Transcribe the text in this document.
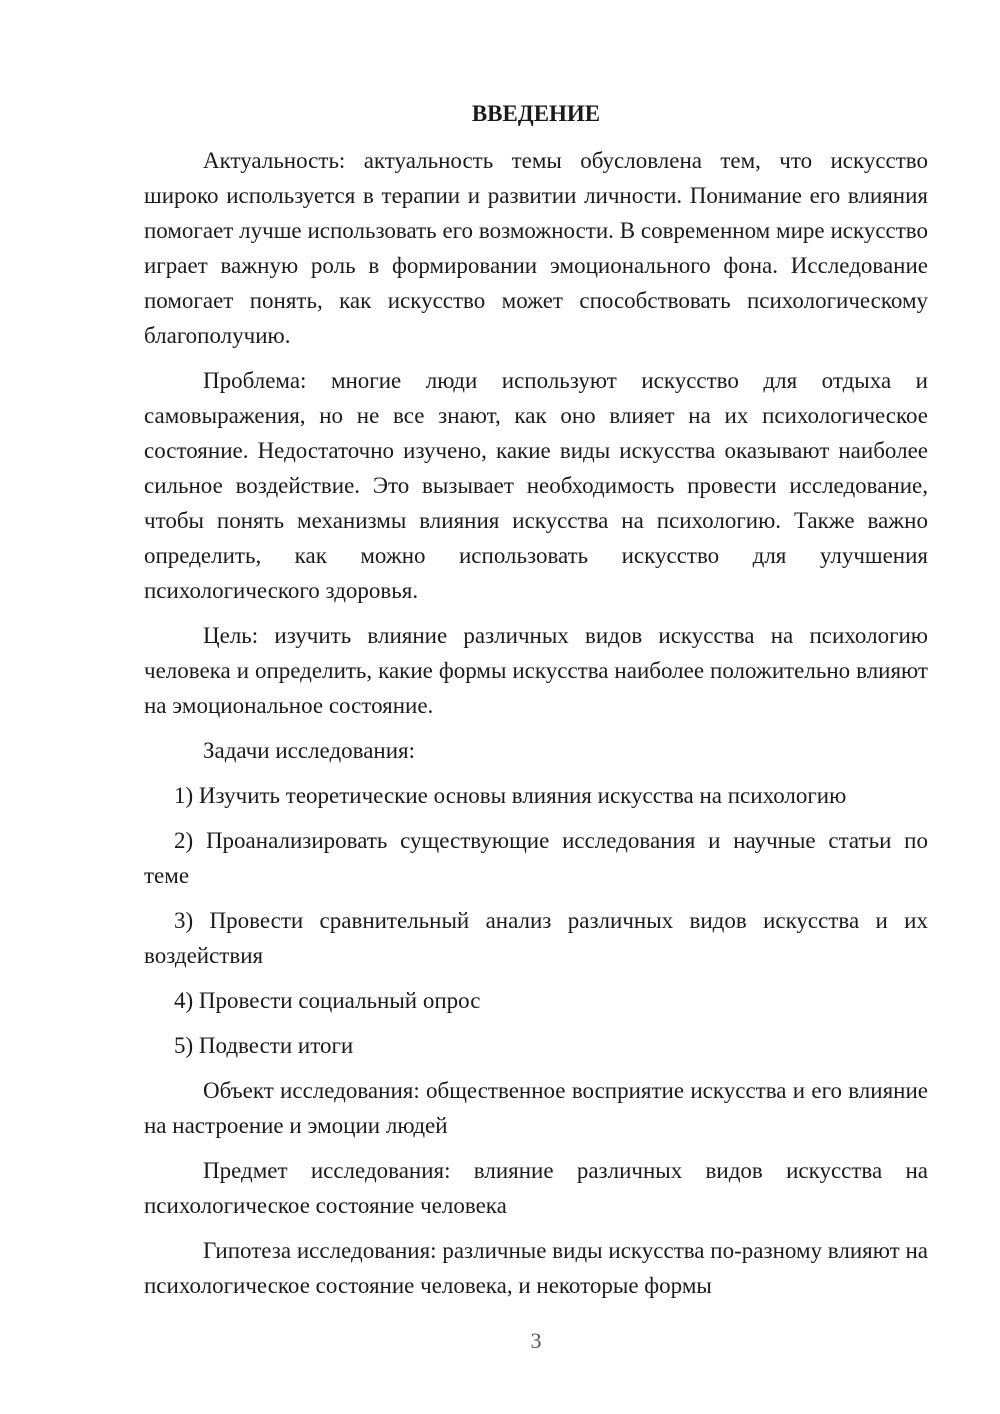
ВВЕДЕНИЕ

Актуальность: актуальность темы обусловлена тем, что искусство широко используется в терапии и развитии личности. Понимание его влияния помогает лучше использовать его возможности. В современном мире искусство играет важную роль в формировании эмоционального фона. Исследование помогает понять, как искусство может способствовать психологическому благополучию.

Проблема: многие люди используют искусство для отдыха и самовыражения, но не все знают, как оно влияет на их психологическое состояние. Недостаточно изучено, какие виды искусства оказывают наиболее сильное воздействие. Это вызывает необходимость провести исследование, чтобы понять механизмы влияния искусства на психологию. Также важно определить, как можно использовать искусство для улучшения психологического здоровья.

Цель: изучить влияние различных видов искусства на психологию человека и определить, какие формы искусства наиболее положительно влияют на эмоциональное состояние.

Задачи исследования:

1) Изучить теоретические основы влияния искусства на психологию

2) Проанализировать существующие исследования и научные статьи по теме

3) Провести сравнительный анализ различных видов искусства и их воздействия

4) Провести социальный опрос

5) Подвести итоги

Объект исследования: общественное восприятие искусства и его влияние на настроение и эмоции людей

Предмет исследования: влияние различных видов искусства на психологическое состояние человека

Гипотеза исследования: различные виды искусства по-разному влияют на психологическое состояние человека, и некоторые формы

3
